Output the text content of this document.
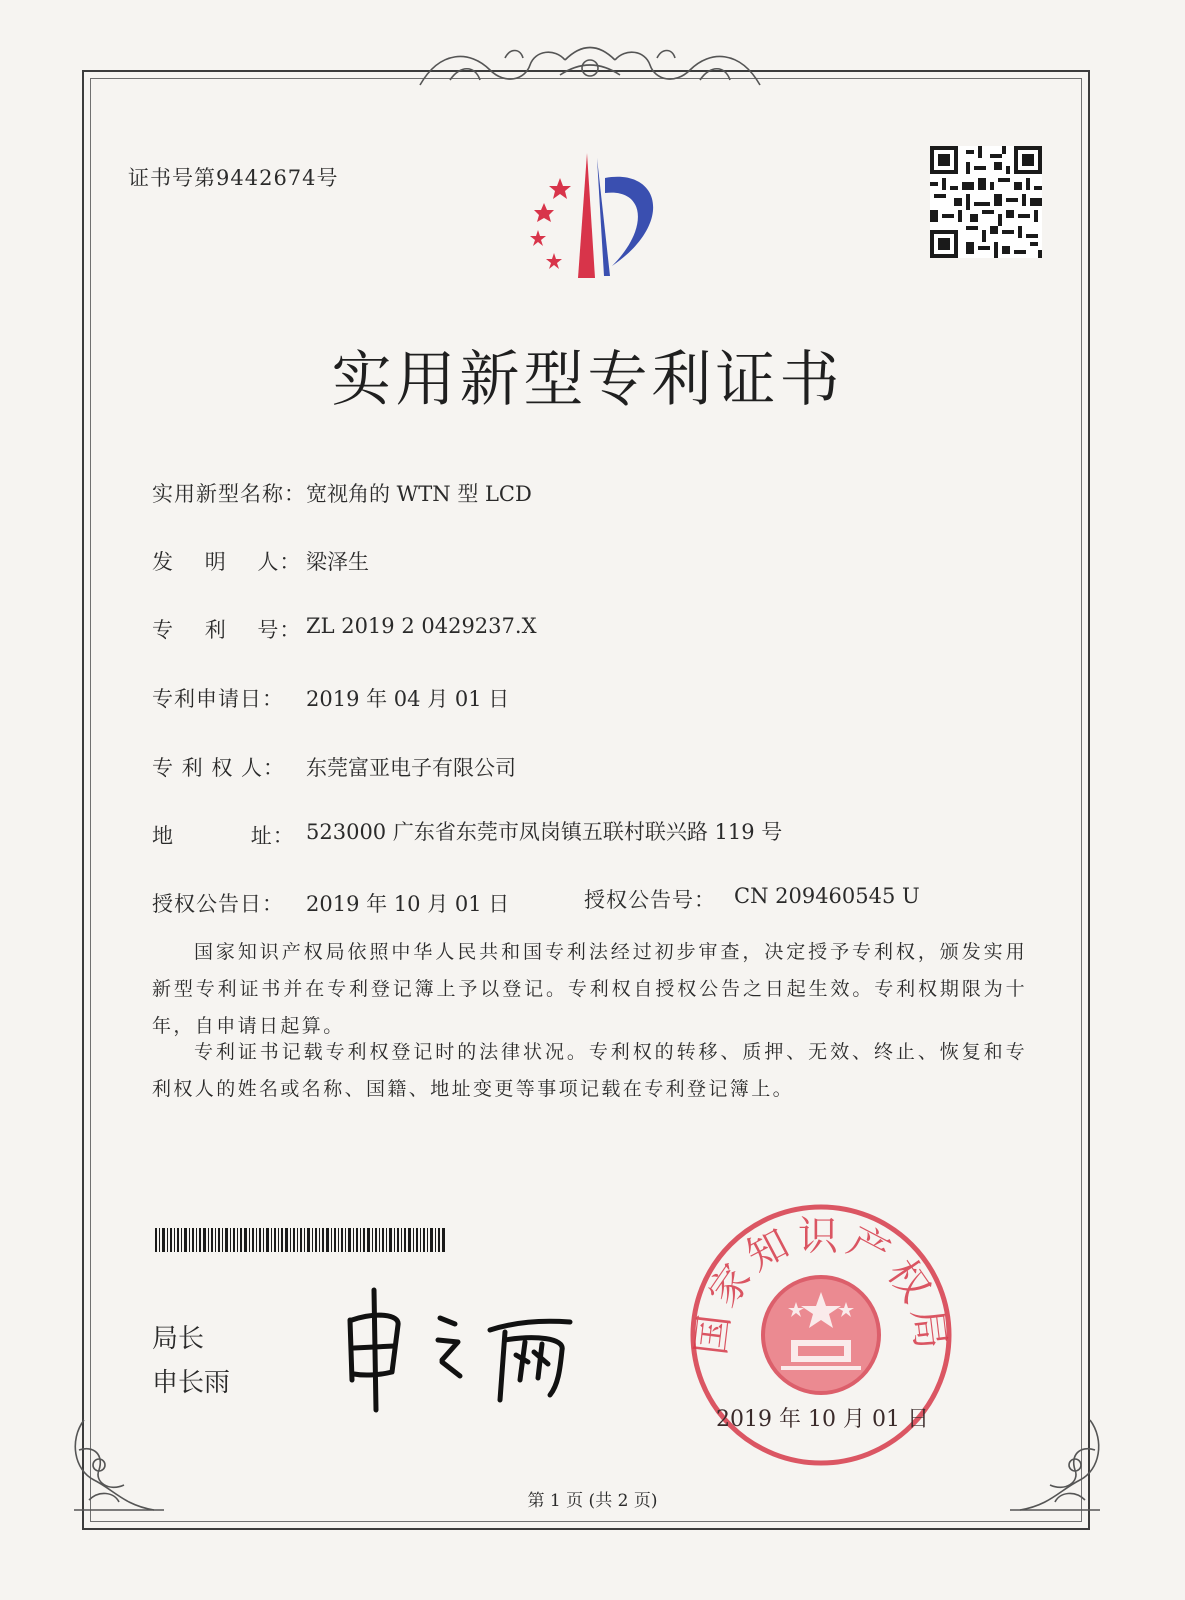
证书号第9442674号
实用新型专利证书
实用新型名称： 宽视角的 WTN 型 LCD
发    明    人： 梁泽生
专    利    号： ZL 2019 2 0429237.X
专利申请日： 2019 年 04 月 01 日
专 利 权 人： 东莞富亚电子有限公司
地          址： 523000 广东省东莞市凤岗镇五联村联兴路 119 号
授权公告日： 2019 年 10 月 01 日	授权公告号： CN 209460545 U
国家知识产权局依照中华人民共和国专利法经过初步审查，决定授予专利权，颁发实用新型专利证书并在专利登记簿上予以登记。专利权自授权公告之日起生效。专利权期限为十年，自申请日起算。
专利证书记载专利权登记时的法律状况。专利权的转移、质押、无效、终止、恢复和专利权人的姓名或名称、国籍、地址变更等事项记载在专利登记簿上。
局长
申长雨
国家知识产权局
2019 年 10 月 01 日
第 1 页 (共 2 页)
